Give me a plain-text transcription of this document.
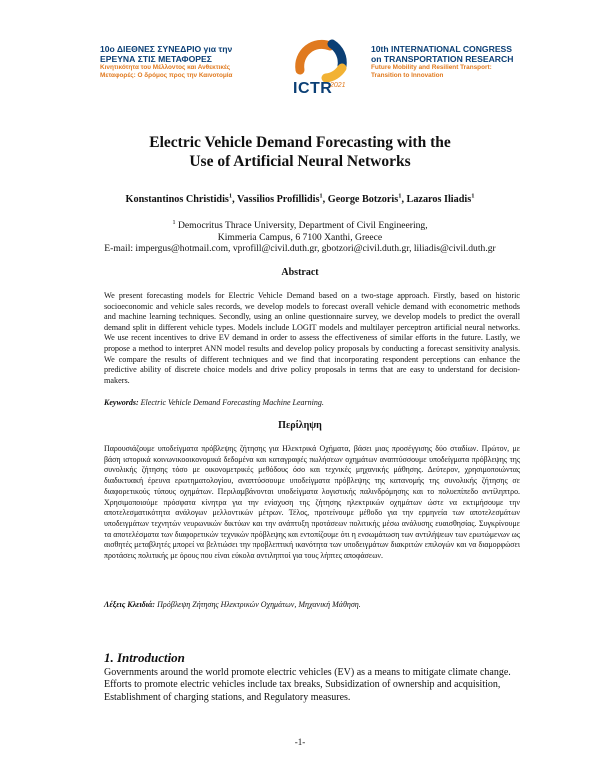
10ο ΔΙΕΘΝΕΣ ΣΥΝΕΔΡΙΟ για την
ΕΡΕΥΝΑ ΣΤΙΣ ΜΕΤΑΦΟΡΕΣ
Κινητικότητα του Μέλλοντος και Ανθεκτικές
Μεταφορές: Ο δρόμος προς την Καινοτομία
ICTR
2021
10th INTERNATIONAL CONGRESS
on TRANSPORTATION RESEARCH
Future Mobility and Resilient Transport:
Transition to Innovation
Electric Vehicle Demand Forecasting with the
Use of Artificial Neural Networks
Konstantinos Christidis$^1$, Vassilios Profillidis$^1$, George Botzoris$^1$, Lazaros Iliadis$^1$
$^1$ Democritus Thrace University, Department of Civil Engineering,
Kimmeria Campus, 6 7100 Xanthi, Greece
E-mail: impergus@hotmail.com, vprofill@civil.duth.gr, gbotzori@civil.duth.gr, liliadis@civil.duth.gr
Abstract
We present forecasting models for Electric Vehicle Demand based on a two-stage approach. Firstly, based on historic socioeconomic and vehicle sales records, we develop models to forecast overall vehicle demand with econometric methods and machine learning techniques. Secondly, using an online questionnaire survey, we develop models to predict the overall demand split in different vehicle types. Models include LOGIT models and multilayer perceptron artificial neural networks. We use recent incentives to drive EV demand in order to assess the effectiveness of similar efforts in the future. Lastly, we propose a method to interpret ANN model results and develop policy proposals by conducting a forecast sensitivity analysis. We compare the results of different techniques and we find that incorporating respondent perceptions can enhance the predictive ability of discrete choice models and drive policy proposals in terms that are easy to understand for decision-makers.
Keywords: Electric Vehicle Demand Forecasting Machine Learning.
Περίληψη
Παρουσιάζουμε υποδείγματα πρόβλεψης ζήτησης για Ηλεκτρικά Οχήματα, βάσει μιας προσέγγισης δύο σταδίων. Πρώτον, με βάση ιστορικά κοινωνικοοικονομικά δεδομένα και καταγραφές πωλήσεων οχημάτων αναπτύσσουμε υποδείγματα πρόβλεψης της συνολικής ζήτησης τόσο με οικονομετρικές μεθόδους όσο και τεχνικές μηχανικής μάθησης. Δεύτερον, χρησιμοποιώντας διαδικτυακή έρευνα ερωτηματολογίου, αναπτύσσουμε υποδείγματα πρόβλεψης της κατανομής της συνολικής ζήτησης σε διαφορετικούς τύπους οχημάτων. Περιλαμβάνονται υποδείγματα λογιστικής παλινδρόμησης και το πολυεπίπεδο αντίληπτρο. Χρησιμοποιούμε πρόσφατα κίνητρα για την ενίσχυση της ζήτησης ηλεκτρικών οχημάτων ώστε να εκτιμήσουμε την αποτελεσματικότητα ανάλογων μελλοντικών μέτρων. Τέλος, προτείνουμε μέθοδο για την ερμηνεία των αποτελεσμάτων υποδειγμάτων τεχνητών νευρωνικών δικτύων και την ανάπτυξη προτάσεων πολιτικής μέσω ανάλυσης ευαισθησίας. Συγκρίνουμε τα αποτελέσματα των διαφορετικών τεχνικών πρόβλεψης και εντοπίζουμε ότι η ενσωμάτωση των αντιλήψεων των ερωτώμενων ως αισθητές μεταβλητές μπορεί να βελτιώσει την προβλεπτική ικανότητα των υποδειγμάτων διακριτών επιλογών και να διαμορφώσει προτάσεις πολιτικής με όρους που είναι εύκολα αντιληπτοί για τους λήπτες αποφάσεων.
Λέξεις Κλειδιά: Πρόβλεψη Ζήτησης Ηλεκτρικών Οχημάτων, Μηχανική Μάθηση.
1. Introduction
Governments around the world promote electric vehicles (EV) as a means to mitigate climate change. Efforts to promote electric vehicles include tax breaks, Subsidization of ownership and acquisition, Establishment of charging stations, and Regulatory measures.
-1-
